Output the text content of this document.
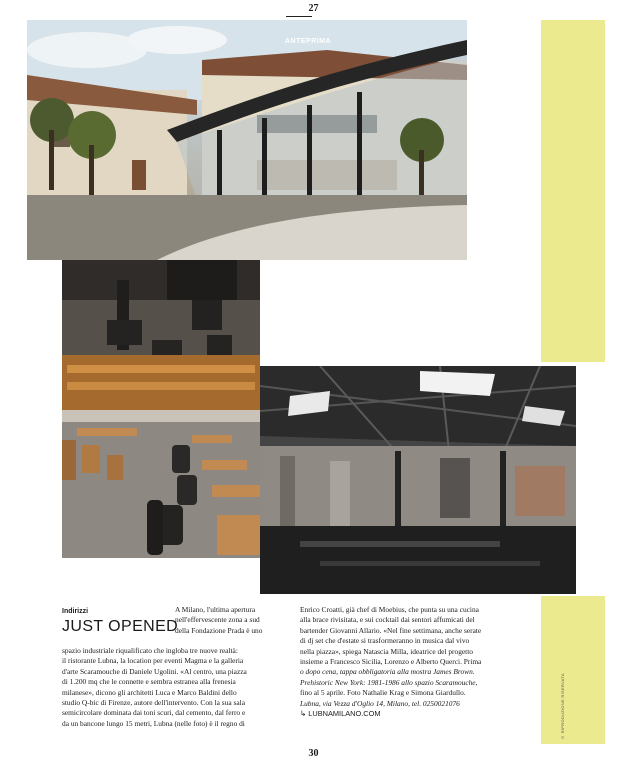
27
© RIPRODUZIONE RISERVATA
ANTEPRIMA
Indirizzi
JUST OPENED
A Milano, l'ultima apertura
nell'effervescente zona a sud
della Fondazione Prada è uno
spazio industriale riqualificato che ingloba tre nuove realtà:
il ristorante Lubna, la location per eventi Magma e la galleria
d'arte Scaramouche di Daniele Ugolini. «Al centro, una piazza
di 1.200 mq che le connette e sembra estranea alla frenesia
milanese», dicono gli architetti Luca e Marco Baldini dello
studio Q-bic di Firenze, autore dell'intervento. Con la sua sala
semicircolare dominata dai toni scuri, dal cemento, dal ferro e
da un bancone lungo 15 metri, Lubna (nelle foto) è il regno di
Enrico Croatti, già chef di Moebius, che punta su una cucina
alla brace rivisitata, e sui cocktail dai sentori affumicati del
bartender Giovanni Allario. «Nel fine settimana, anche serate
di dj set che d'estate si trasformeranno in musica dal vivo
nella piazza», spiega Natascia Milla, ideatrice del progetto
insieme a Francesco Sicilia, Lorenzo e Alberto Querci. Prima
o dopo cena, tappa obbligatoria alla mostra James Brown.
Prehistoric New York: 1981-1986 allo spazio Scaramouche,
fino al 5 aprile. Foto Nathalie Krag e Simona Giardullo.
Lubna, via Vezza d'Oglio 14, Milano, tel. 0250021076
↳ LUBNAMILANO.COM
30
